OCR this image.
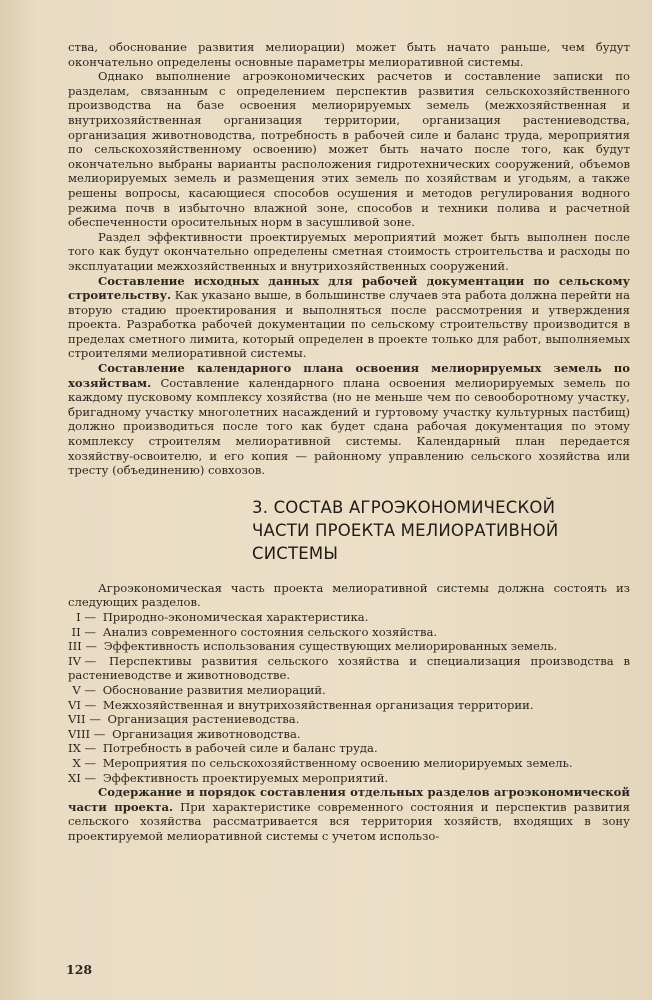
ства, обоснование развития мелиорации) может быть начато раньше, чем будут окончательно определены основные параметры мелиоративной системы.

Однако выполнение агроэкономических расчетов и составление записки по разделам, связанным с определением перспектив развития сельскохозяйственного производства на базе освоения мелиорируемых земель (межхозяйственная и внутрихозяйственная организация территории, организация растениеводства, организация животноводства, потребность в рабочей силе и баланс труда, мероприятия по сельскохозяйственному освоению) может быть начато после того, как будут окончательно выбраны варианты расположения гидротехнических сооружений, объемов мелиорируемых земель и размещения этих земель по хозяйствам и угодьям, а также решены вопросы, касающиеся способов осушения и методов регулирования водного режима почв в избыточно влажной зоне, способов и техники полива и расчетной обеспеченности оросительных норм в засушливой зоне.

Раздел эффективности проектируемых мероприятий может быть выполнен после того как будут окончательно определены сметная стоимость строительства и расходы по эксплуатации межхозяйственных и внутрихозяйственных сооружений.

Составление исходных данных для рабочей документации по сельскому строительству. Как указано выше, в большинстве случаев эта работа должна перейти на вторую стадию проектирования и выполняться после рассмотрения и утверждения проекта. Разработка рабочей документации по сельскому строительству производится в пределах сметного лимита, который определен в проекте только для работ, выполняемых строителями мелиоративной системы.

Составление календарного плана освоения мелиорируемых земель по хозяйствам. Составление календарного плана освоения мелиорируемых земель по каждому пусковому комплексу хозяйства (но не меньше чем по севооборотному участку, бригадному участку многолетних насаждений и гуртовому участку культурных пастбищ) должно производиться после того как будет сдана рабочая документация по этому комплексу строителям мелиоративной системы. Календарный план передается хозяйству-освоителю, и его копия — районному управлению сельского хозяйства или тресту (объединению) совхозов.

3. СОСТАВ АГРОЭКОНОМИЧЕСКОЙ
ЧАСТИ ПРОЕКТА МЕЛИОРАТИВНОЙ
СИСТЕМЫ

Агроэкономическая часть проекта мелиоративной системы должна состоять из следующих разделов.

I — Природно-экономическая характеристика.
II — Анализ современного состояния сельского хозяйства.
III — Эффективность использования существующих мелиорированных земель.
IV — Перспективы развития сельского хозяйства и специализация производства в растениеводстве и животноводстве.
V — Обоснование развития мелиораций.
VI — Межхозяйственная и внутрихозяйственная организация территории.
VII — Организация растениеводства.
VIII — Организация животноводства.
IX — Потребность в рабочей силе и баланс труда.
X — Мероприятия по сельскохозяйственному освоению мелиорируемых земель.
XI — Эффективность проектируемых мероприятий.

Содержание и порядок составления отдельных разделов агроэкономической части проекта. При характеристике современного состояния и перспектив развития сельского хозяйства рассматривается вся территория хозяйств, входящих в зону проектируемой мелиоративной системы с учетом использо-

128
